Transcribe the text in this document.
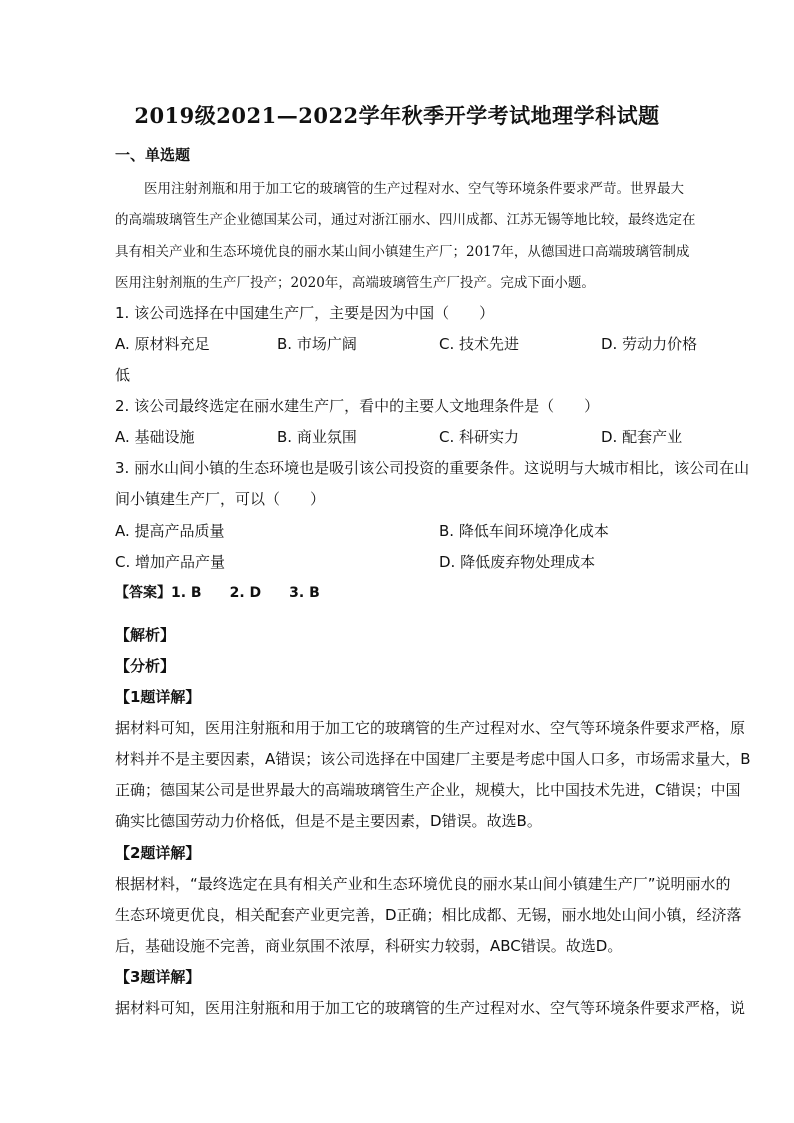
2019级2021—2022学年秋季开学考试地理学科试题
一、单选题
医用注射剂瓶和用于加工它的玻璃管的生产过程对水、空气等环境条件要求严苛。世界最大
的高端玻璃管生产企业德国某公司，通过对浙江丽水、四川成都、江苏无锡等地比较，最终选定在
具有相关产业和生态环境优良的丽水某山间小镇建生产厂；2017年，从德国进口高端玻璃管制成
医用注射剂瓶的生产厂投产；2020年，高端玻璃管生产厂投产。完成下面小题。
1. 该公司选择在中国建生产厂，主要是因为中国（　　）
A. 原材料充足	B. 市场广阔	C. 技术先进	D. 劳动力价格
低
2. 该公司最终选定在丽水建生产厂，看中的主要人文地理条件是（　　）
A. 基础设施	B. 商业氛围	C. 科研实力	D. 配套产业
3. 丽水山间小镇的生态环境也是吸引该公司投资的重要条件。这说明与大城市相比，该公司在山
间小镇建生产厂，可以（　　）
A. 提高产品质量	B. 降低车间环境净化成本
C. 增加产品产量	D. 降低废弃物处理成本
【答案】1. B 2. D 3. B
【解析】
【分析】
【1题详解】
据材料可知，医用注射瓶和用于加工它的玻璃管的生产过程对水、空气等环境条件要求严格，原
材料并不是主要因素，A错误；该公司选择在中国建厂主要是考虑中国人口多，市场需求量大，B
正确；德国某公司是世界最大的高端玻璃管生产企业，规模大，比中国技术先进，C错误；中国
确实比德国劳动力价格低，但是不是主要因素，D错误。故选B。
【2题详解】
根据材料，“最终选定在具有相关产业和生态环境优良的丽水某山间小镇建生产厂”说明丽水的
生态环境更优良，相关配套产业更完善，D正确；相比成都、无锡，丽水地处山间小镇，经济落
后，基础设施不完善，商业氛围不浓厚，科研实力较弱，ABC错误。故选D。
【3题详解】
据材料可知，医用注射瓶和用于加工它的玻璃管的生产过程对水、空气等环境条件要求严格，说
